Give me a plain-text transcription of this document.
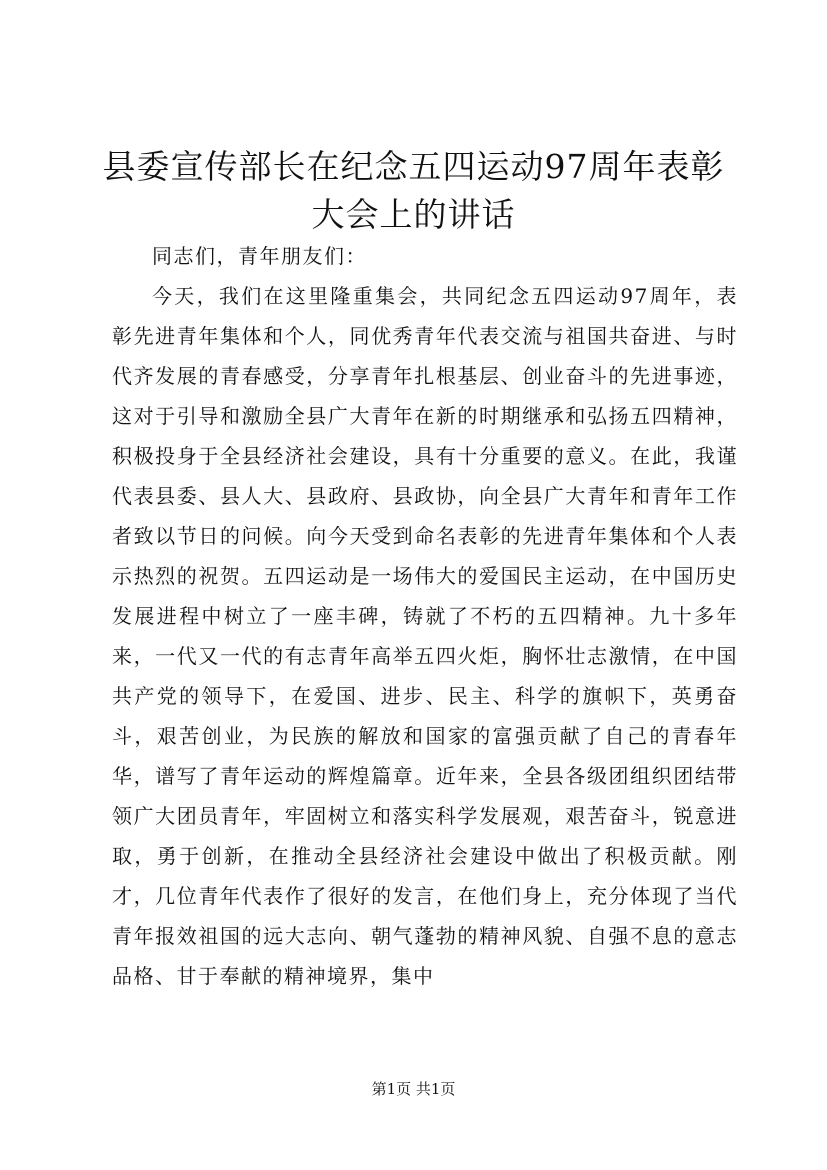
县委宣传部长在纪念五四运动97周年表彰大会上的讲话

同志们，青年朋友们：

今天，我们在这里隆重集会，共同纪念五四运动97周年，表彰先进青年集体和个人，同优秀青年代表交流与祖国共奋进、与时代齐发展的青春感受，分享青年扎根基层、创业奋斗的先进事迹，这对于引导和激励全县广大青年在新的时期继承和弘扬五四精神，积极投身于全县经济社会建设，具有十分重要的意义。在此，我谨代表县委、县人大、县政府、县政协，向全县广大青年和青年工作者致以节日的问候。向今天受到命名表彰的先进青年集体和个人表示热烈的祝贺。五四运动是一场伟大的爱国民主运动，在中国历史发展进程中树立了一座丰碑，铸就了不朽的五四精神。九十多年来，一代又一代的有志青年高举五四火炬，胸怀壮志激情，在中国共产党的领导下，在爱国、进步、民主、科学的旗帜下，英勇奋斗，艰苦创业，为民族的解放和国家的富强贡献了自己的青春年华，谱写了青年运动的辉煌篇章。近年来，全县各级团组织团结带领广大团员青年，牢固树立和落实科学发展观，艰苦奋斗，锐意进取，勇于创新，在推动全县经济社会建设中做出了积极贡献。刚才，几位青年代表作了很好的发言，在他们身上，充分体现了当代青年报效祖国的远大志向、朝气蓬勃的精神风貌、自强不息的意志品格、甘于奉献的精神境界，集中

第1页 共1页
